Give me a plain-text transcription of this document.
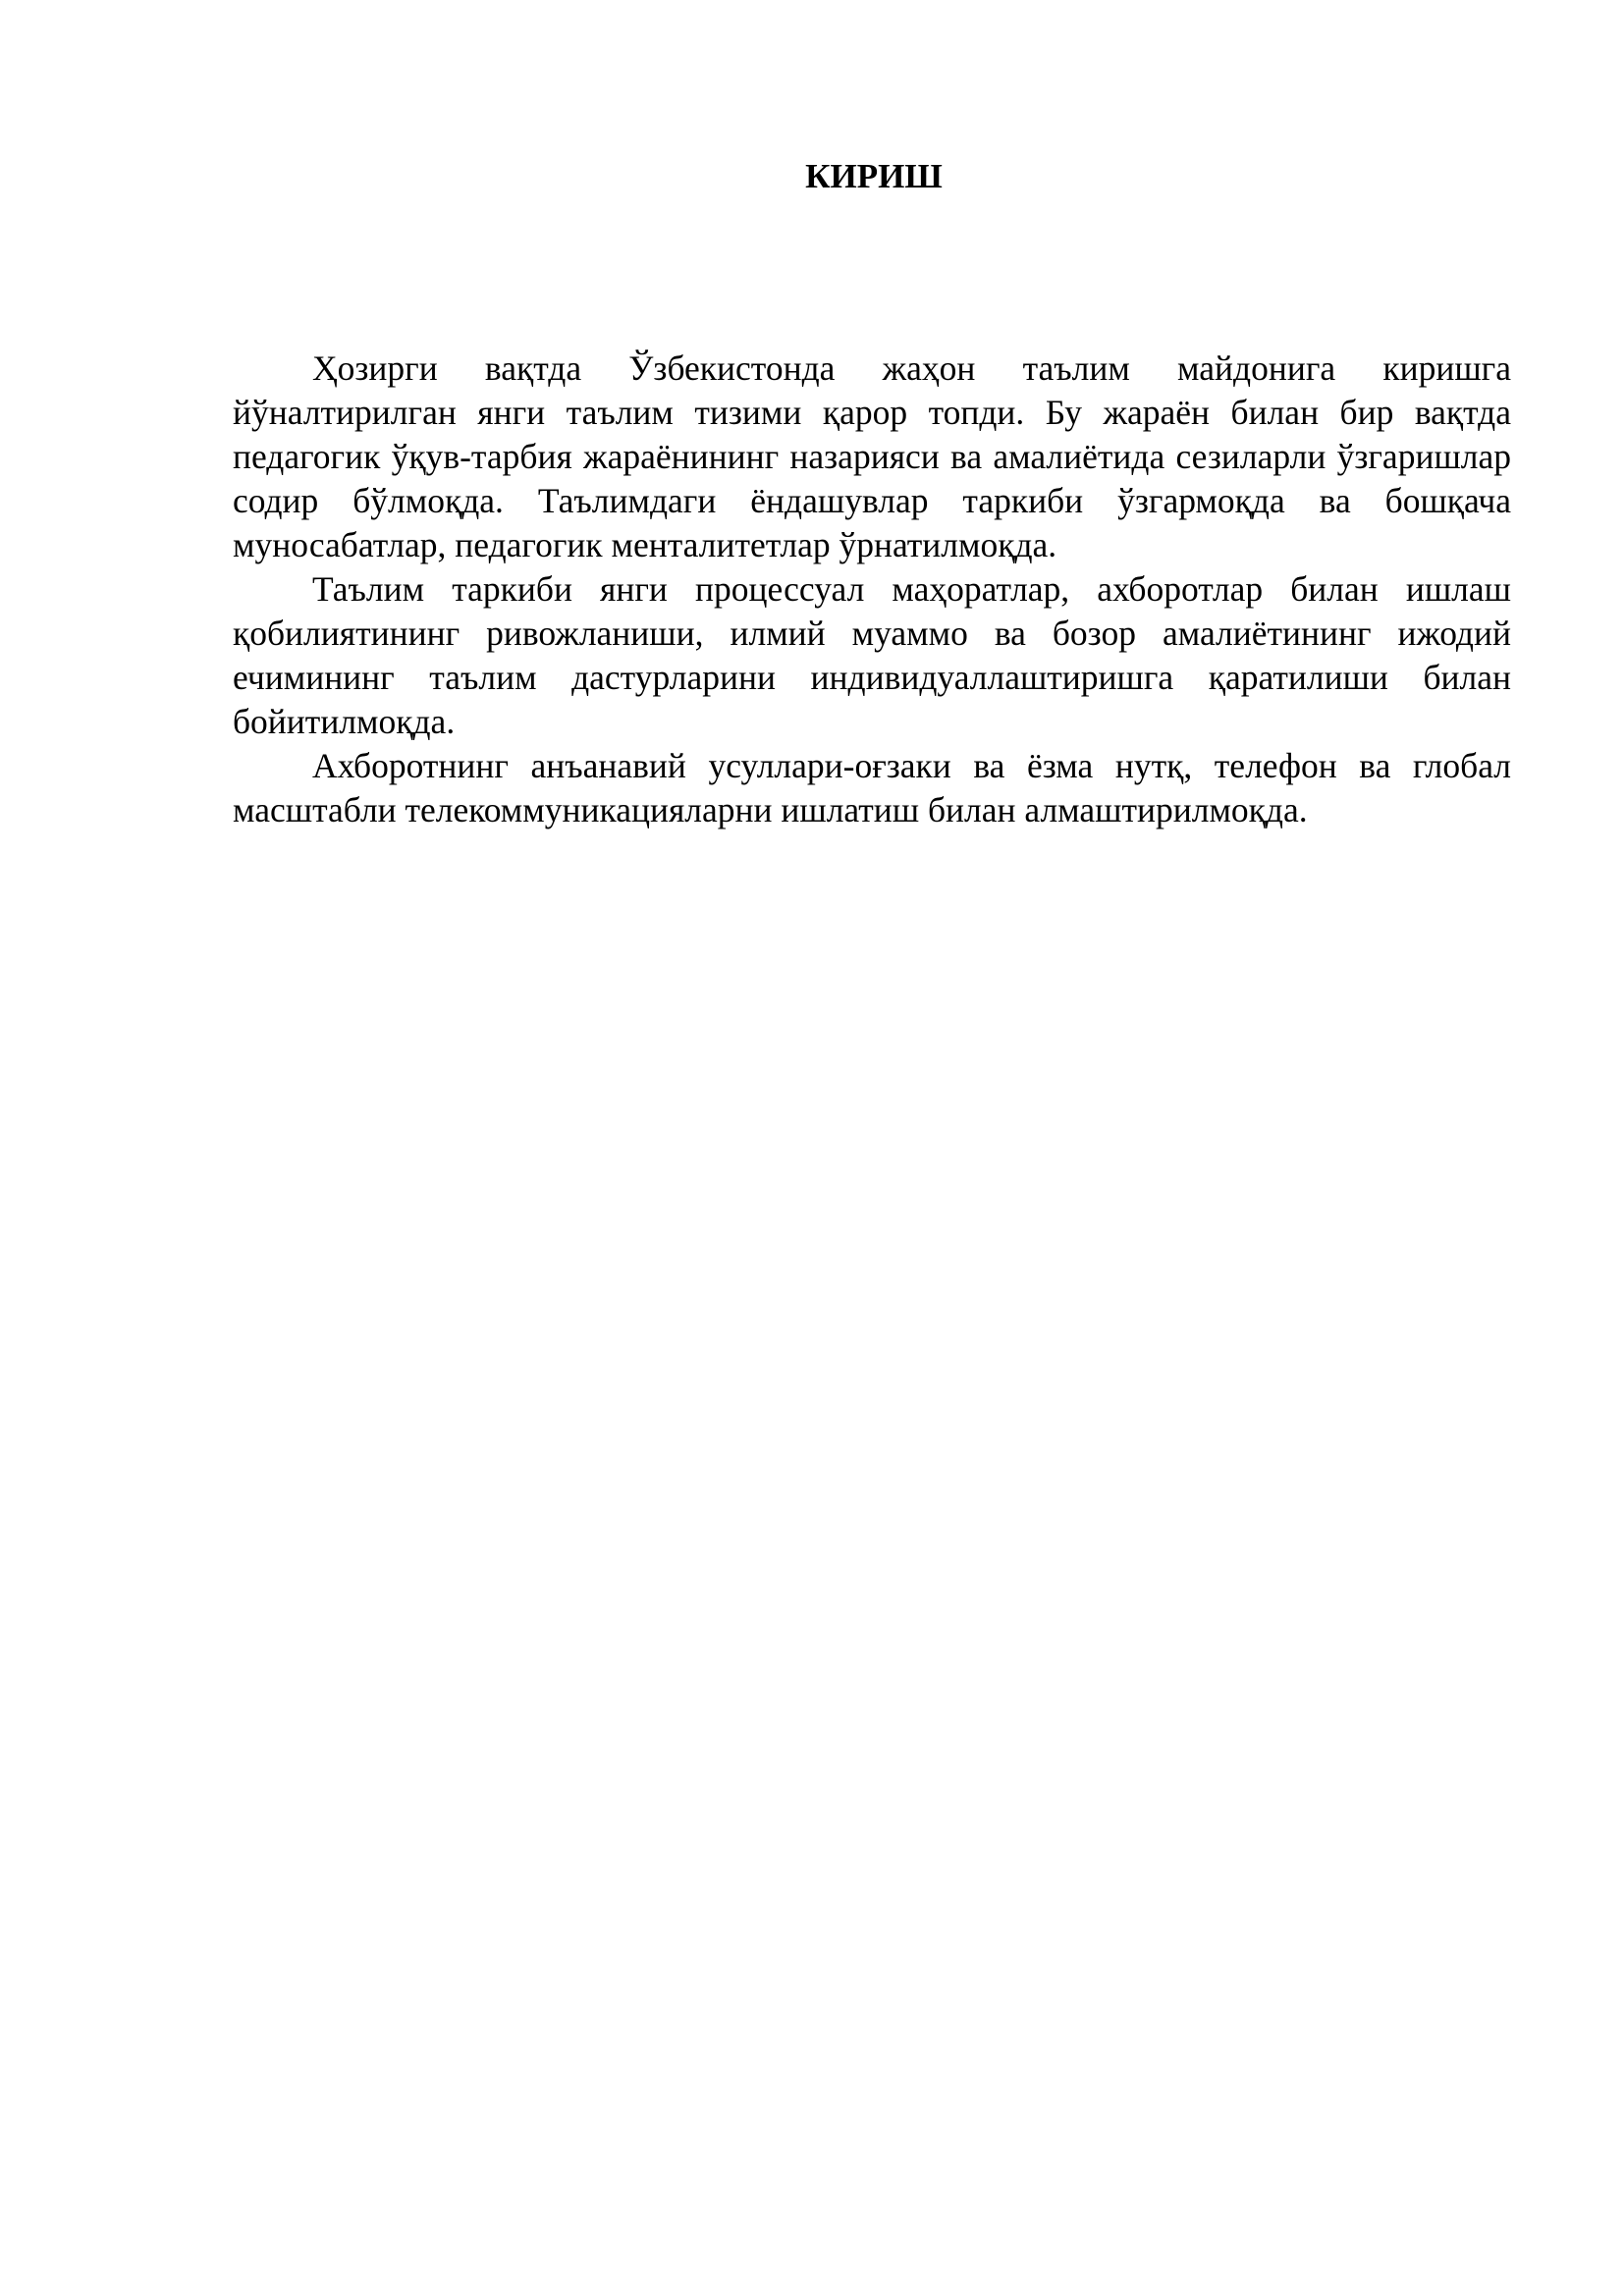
КИРИШ

Ҳозирги вақтда Ўзбекистонда жаҳон таълим майдонига киришга йўналтирилган янги таълим тизими қарор топди. Бу жараён билан бир вақтда педагогик ўқув-тарбия жараёнининг назарияси ва амалиётида сезиларли ўзгаришлар содир бўлмоқда. Таълимдаги ёндашувлар таркиби ўзгармоқда ва бошқача муносабатлар, педагогик менталитетлар ўрнатилмоқда.

Таълим таркиби янги процессуал маҳоратлар, ахборотлар билан ишлаш қобилиятининг ривожланиши, илмий муаммо ва бозор амалиётининг ижодий ечимининг таълим дастурларини индивидуаллаштиришга қаратилиши билан бойитилмоқда.

Ахборотнинг анъанавий усуллари-оғзаки ва ёзма нутқ, телефон ва глобал масштабли телекоммуникацияларни ишлатиш билан алмаштирилмоқда.
